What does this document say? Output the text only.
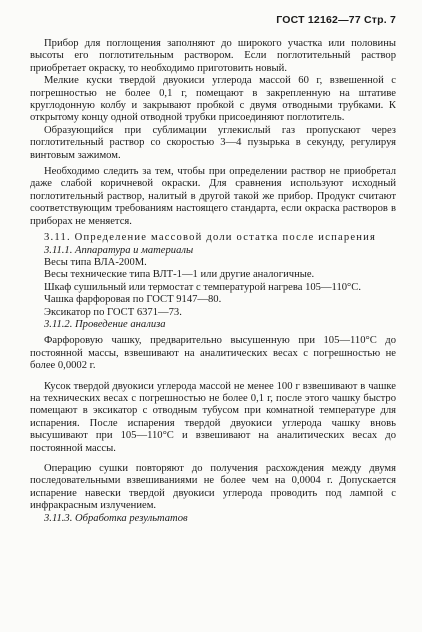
ГОСТ 12162—77 Стр. 7

Прибор для поглощения заполняют до широкого участка или половины высоты его поглотительным раствором. Если поглотительный раствор приобретает окраску, то необходимо приготовить новый.

Мелкие куски твердой двуокиси углерода массой 60 г, взвешенной с погрешностью не более 0,1 г, помещают в закрепленную на штативе круглодонную колбу и закрывают пробкой с двумя отводными трубками. К открытому концу одной отводной трубки присоединяют поглотитель.

Образующийся при сублимации углекислый газ пропускают через поглотительный раствор со скоростью 3—4 пузырька в секунду, регулируя винтовым зажимом.

Необходимо следить за тем, чтобы при определении раствор не приобретал даже слабой коричневой окраски. Для сравнения используют исходный поглотительный раствор, налитый в другой такой же прибор. Продукт считают соответствующим требованиям настоящего стандарта, если окраска растворов в приборах не меняется.

3.11. Определение массовой доли остатка после испарения

3.11.1. Аппаратура и материалы

Весы типа ВЛА-200М.

Весы технические типа ВЛТ-1—1 или другие аналогичные.

Шкаф сушильный или термостат с температурой нагрева 105—110°С.

Чашка фарфоровая по ГОСТ 9147—80.

Эксикатор по ГОСТ 6371—73.

3.11.2. Проведение анализа

Фарфоровую чашку, предварительно высушенную при 105—110°С до постоянной массы, взвешивают на аналитических весах с погрешностью не более 0,0002 г.

Кусок твердой двуокиси углерода массой не менее 100 г взвешивают в чашке на технических весах с погрешностью не более 0,1 г, после этого чашку быстро помещают в эксикатор с отводным тубусом при комнатной температуре для испарения. После испарения твердой двуокиси углерода чашку вновь высушивают при 105—110°С и взвешивают на аналитических весах до постоянной массы.

Операцию сушки повторяют до получения расхождения между двумя последовательными взвешиваниями не более чем на 0,0004 г. Допускается испарение навески твердой двуокиси углерода проводить под лампой с инфракрасным излучением.

3.11.3. Обработка результатов
